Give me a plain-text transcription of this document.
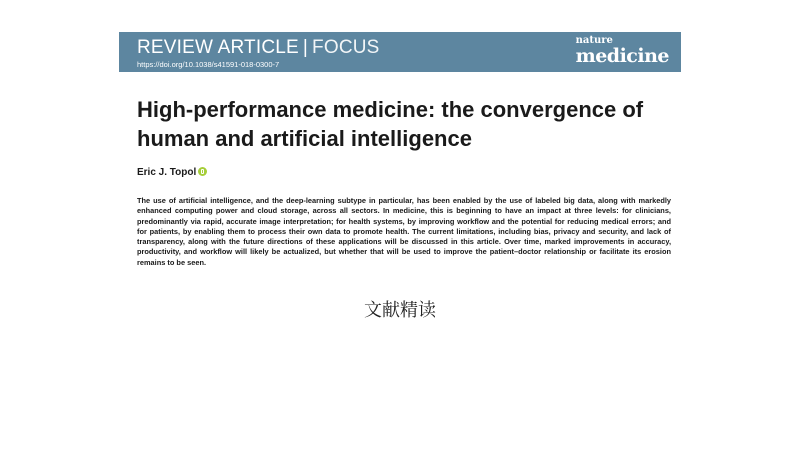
REVIEW ARTICLE | FOCUS
https://doi.org/10.1038/s41591-018-0300-7
nature
medicine
High-performance medicine: the convergence of human and artificial intelligence
Eric J. Topol

The use of artificial intelligence, and the deep-learning subtype in particular, has been enabled by the use of labeled big data, along with markedly enhanced computing power and cloud storage, across all sectors. In medicine, this is beginning to have an impact at three levels: for clinicians, predominantly via rapid, accurate image interpretation; for health systems, by improving workflow and the potential for reducing medical errors; and for patients, by enabling them to process their own data to promote health. The current limitations, including bias, privacy and security, and lack of transparency, along with the future directions of these applications will be discussed in this article. Over time, marked improvements in accuracy, productivity, and workflow will likely be actualized, but whether that will be used to improve the patient–doctor relationship or facilitate its erosion remains to be seen.

文献精读
